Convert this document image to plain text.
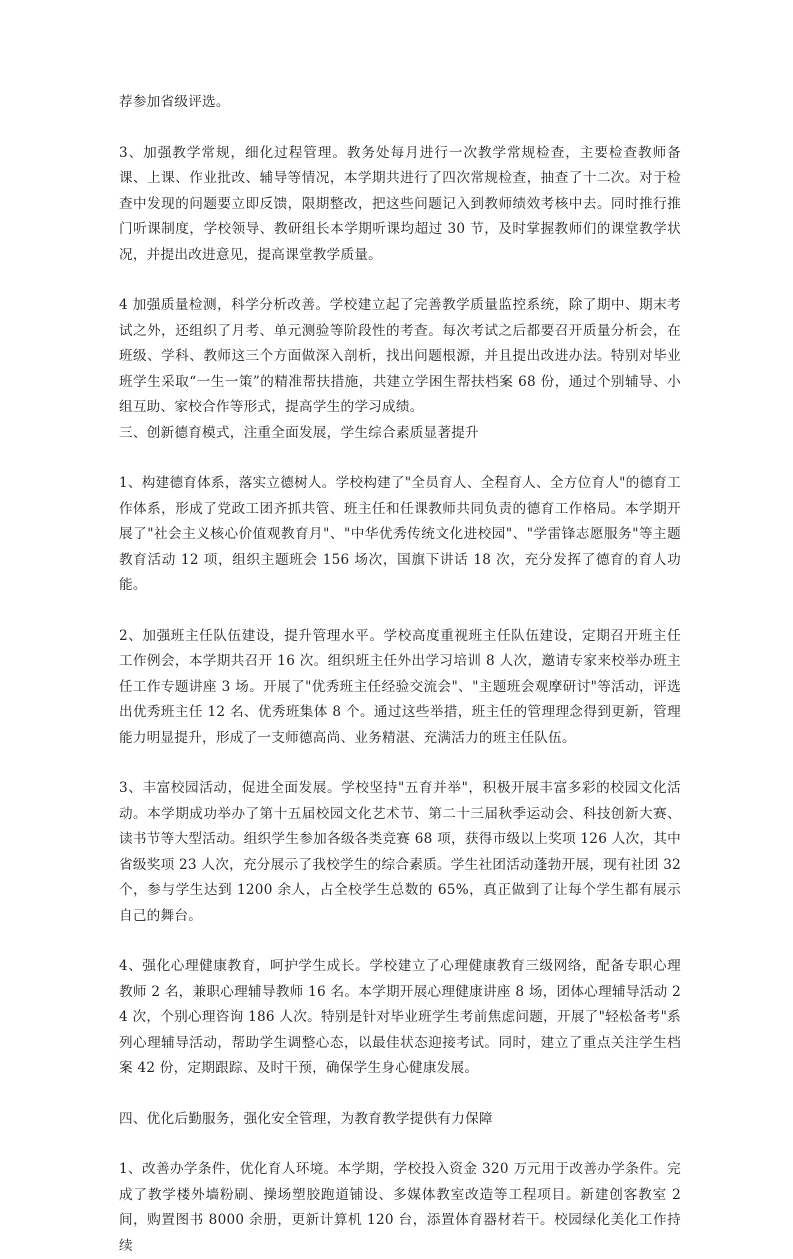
荐参加省级评选。

3、加强教学常规，细化过程管理。教务处每月进行一次教学常规检查，主要检查教师备课、上课、作业批改、辅导等情况，本学期共进行了四次常规检查，抽查了十二次。对于检查中发现的问题要立即反馈，限期整改，把这些问题记入到教师绩效考核中去。同时推行推门听课制度，学校领导、教研组长本学期听课均超过 30 节，及时掌握教师们的课堂教学状况，并提出改进意见，提高课堂教学质量。

4 加强质量检测，科学分析改善。学校建立起了完善教学质量监控系统，除了期中、期末考试之外，还组织了月考、单元测验等阶段性的考查。每次考试之后都要召开质量分析会，在班级、学科、教师这三个方面做深入剖析，找出问题根源，并且提出改进办法。特别对毕业班学生采取“一生一策”的精准帮扶措施，共建立学困生帮扶档案 68 份，通过个别辅导、小组互助、家校合作等形式，提高学生的学习成绩。

三、创新德育模式，注重全面发展，学生综合素质显著提升

1、构建德育体系，落实立德树人。学校构建了"全员育人、全程育人、全方位育人"的德育工作体系，形成了党政工团齐抓共管、班主任和任课教师共同负责的德育工作格局。本学期开展了"社会主义核心价值观教育月"、"中华优秀传统文化进校园"、"学雷锋志愿服务"等主题教育活动 12 项，组织主题班会 156 场次，国旗下讲话 18 次，充分发挥了德育的育人功能。

2、加强班主任队伍建设，提升管理水平。学校高度重视班主任队伍建设，定期召开班主任工作例会，本学期共召开 16 次。组织班主任外出学习培训 8 人次，邀请专家来校举办班主任工作专题讲座 3 场。开展了"优秀班主任经验交流会"、"主题班会观摩研讨"等活动，评选出优秀班主任 12 名、优秀班集体 8 个。通过这些举措，班主任的管理理念得到更新，管理能力明显提升，形成了一支师德高尚、业务精湛、充满活力的班主任队伍。

3、丰富校园活动，促进全面发展。学校坚持"五育并举"，积极开展丰富多彩的校园文化活动。本学期成功举办了第十五届校园文化艺术节、第二十三届秋季运动会、科技创新大赛、读书节等大型活动。组织学生参加各级各类竞赛 68 项，获得市级以上奖项 126 人次，其中省级奖项 23 人次，充分展示了我校学生的综合素质。学生社团活动蓬勃开展，现有社团 32 个，参与学生达到 1200 余人，占全校学生总数的 65%，真正做到了让每个学生都有展示自己的舞台。

4、强化心理健康教育，呵护学生成长。学校建立了心理健康教育三级网络，配备专职心理教师 2 名，兼职心理辅导教师 16 名。本学期开展心理健康讲座 8 场，团体心理辅导活动 24 次，个别心理咨询 186 人次。特别是针对毕业班学生考前焦虑问题，开展了"轻松备考"系列心理辅导活动，帮助学生调整心态，以最佳状态迎接考试。同时，建立了重点关注学生档案 42 份，定期跟踪、及时干预，确保学生身心健康发展。

四、优化后勤服务，强化安全管理，为教育教学提供有力保障

1、改善办学条件，优化育人环境。本学期，学校投入资金 320 万元用于改善办学条件。完成了教学楼外墙粉刷、操场塑胶跑道铺设、多媒体教室改造等工程项目。新建创客教室 2 间，购置图书 8000 余册，更新计算机 120 台，添置体育器材若干。校园绿化美化工作持续
